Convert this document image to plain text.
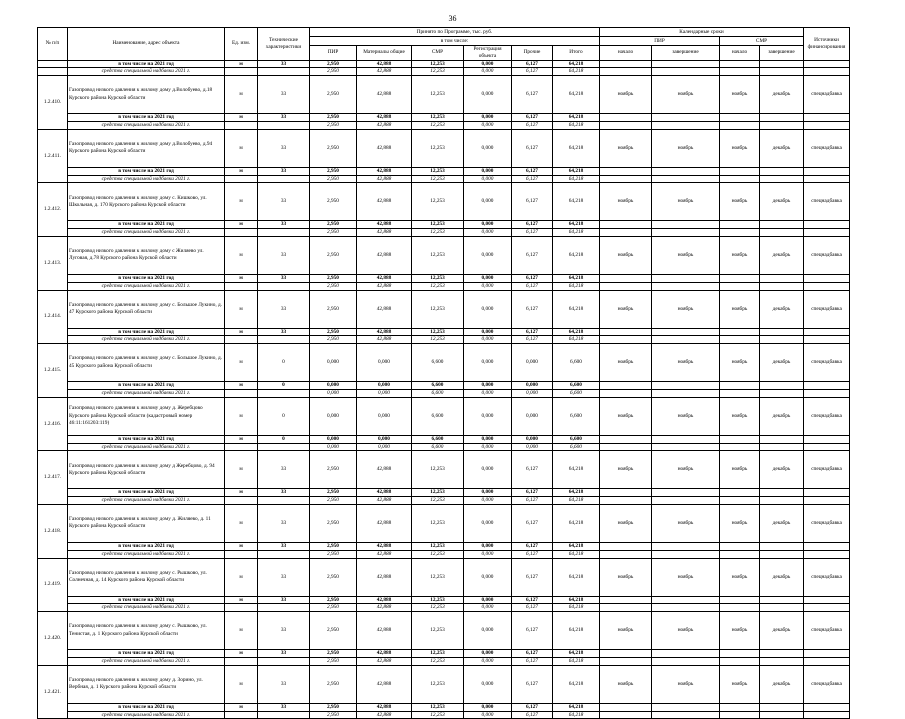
36
№ п/п	Наименование, адрес объекта	Ед. изм.	Технические характеристики	Принято по Программе, тыс. руб.						Календарные сроки				Источники финансирования
				в том числе:						ПИР		СМР		
				ПИР	Материалы общие	СМР	Регистрация объекта	Прочие	Итого	начало	завершение	начало	завершение	
	в том числе на 2021 год	м	33	2,950	42,888	12,253	0,000	6,127	64,218					
	средства специальной надбавки 2021 г.			2,950	42,888	12,253	0,000	6,127	64,218					
1.2.410.	Газопровод низкого давления к жилому дому д.Волобуево, д.18 Курского района Курской области	м	33	2,950	42,888	12,253	0,000	6,127	64,218	ноябрь	ноябрь	ноябрь	декабрь	спецнадбавка
	в том числе на 2021 год	м	33	2,950	42,888	12,253	0,000	6,127	64,218					
	средства специальной надбавки 2021 г.			2,950	42,888	12,253	0,000	6,127	64,218					
1.2.411.	Газопровод низкого давления к жилому дому д.Волобуево, д.94 Курского района Курской области	м	33	2,950	42,888	12,253	0,000	6,127	64,218	ноябрь	ноябрь	ноябрь	декабрь	спецнадбавка
	в том числе на 2021 год	м	33	2,950	42,888	12,253	0,000	6,127	64,218					
	средства специальной надбавки 2021 г.			2,950	42,888	12,253	0,000	6,127	64,218					
1.2.412.	Газопровод низкого давления к жилому дому с. Кишково, ул. Школьная, д. 170 Курского района Курской области	м	33	2,950	42,888	12,253	0,000	6,127	64,218	ноябрь	ноябрь	ноябрь	декабрь	спецнадбавка
	в том числе на 2021 год	м	33	2,950	42,888	12,253	0,000	6,127	64,218					
	средства специальной надбавки 2021 г.			2,950	42,888	12,253	0,000	6,127	64,218					
1.2.413.	Газопровод низкого давления к жилому дому с Жиляево ул. Луговая, д.78 Курского района Курской области	м	33	2,950	42,888	12,253	0,000	6,127	64,218	ноябрь	ноябрь	ноябрь	декабрь	спецнадбавка
	в том числе на 2021 год	м	33	2,950	42,888	12,253	0,000	6,127	64,218					
	средства специальной надбавки 2021 г.			2,950	42,888	12,253	0,000	6,127	64,218					
1.2.414.	Газопровод низкого давления к жилому дому с. Большое Лукино, д. 47 Курского района Курской области	м	33	2,950	42,888	12,253	0,000	6,127	64,218	ноябрь	ноябрь	ноябрь	декабрь	спецнадбавка
	в том числе на 2021 год	м	33	2,950	42,888	12,253	0,000	6,127	64,218					
	средства специальной надбавки 2021 г.			2,950	42,888	12,253	0,000	6,127	64,218					
1.2.415.	Газопровод низкого давления к жилому дому с. Большое Лукино, д. 45 Курского района Курской области	м	0	0,000	0,000	6,600	0,000	0,000	6,600	ноябрь	ноябрь	ноябрь	декабрь	спецнадбавка
	в том числе на 2021 год	м	0	0,000	0,000	6,600	0,000	0,000	6,600					
	средства специальной надбавки 2021 г.			0,000	0,000	6,600	0,000	0,000	6,600					
1.2.416.	Газопровод низкого давления к жилому дому д. Жеребцово Курского района Курской области (кадастровый номер 46:11:161203:119)	м	0	0,000	0,000	6,600	0,000	0,000	6,600	ноябрь	ноябрь	ноябрь	декабрь	спецнадбавка
	в том числе на 2021 год	м	0	0,000	0,000	6,600	0,000	0,000	6,600					
	средства специальной надбавки 2021 г.			0,000	0,000	6,600	0,000	0,000	6,600					
1.2.417.	Газопровод низкого давления к жилому дому д Жеребцово, д. 94 Курского района Курской области	м	33	2,950	42,888	12,253	0,000	6,127	64,218	ноябрь	ноябрь	ноябрь	декабрь	спецнадбавка
	в том числе на 2021 год	м	33	2,950	42,888	12,253	0,000	6,127	64,218					
	средства специальной надбавки 2021 г.			2,950	42,888	12,253	0,000	6,127	64,218					
1.2.418.	Газопровод низкого давления к жилому дому д. Жиляево, д. 11 Курского района Курской области	м	33	2,950	42,888	12,253	0,000	6,127	64,218	ноябрь	ноябрь	ноябрь	декабрь	спецнадбавка
	в том числе на 2021 год	м	33	2,950	42,888	12,253	0,000	6,127	64,218					
	средства специальной надбавки 2021 г.			2,950	42,888	12,253	0,000	6,127	64,218					
1.2.419.	Газопровод низкого давления к жилому дому с. Рышково, ул. Солнечная, д. 14 Курского района Курской области	м	33	2,950	42,888	12,253	0,000	6,127	64,218	ноябрь	ноябрь	ноябрь	декабрь	спецнадбавка
	в том числе на 2021 год	м	33	2,950	42,888	12,253	0,000	6,127	64,218					
	средства специальной надбавки 2021 г.			2,950	42,888	12,253	0,000	6,127	64,218					
1.2.420.	Газопровод низкого давления к жилому дому с. Рышково, ул. Тенистая, д. 1 Курского района Курской области	м	33	2,950	42,888	12,253	0,000	6,127	64,218	ноябрь	ноябрь	ноябрь	декабрь	спецнадбавка
	в том числе на 2021 год	м	33	2,950	42,888	12,253	0,000	6,127	64,218					
	средства специальной надбавки 2021 г.			2,950	42,888	12,253	0,000	6,127	64,218					
1.2.421.	Газопровод низкого давления к жилому дому д. Зорино, ул. Вербная, д. 1 Курского района Курской области	м	33	2,950	42,888	12,253	0,000	6,127	64,218	ноябрь	ноябрь	ноябрь	декабрь	спецнадбавка
	в том числе на 2021 год	м	33	2,950	42,888	12,253	0,000	6,127	64,218					
	средства специальной надбавки 2021 г.			2,950	42,888	12,253	0,000	6,127	64,218					
